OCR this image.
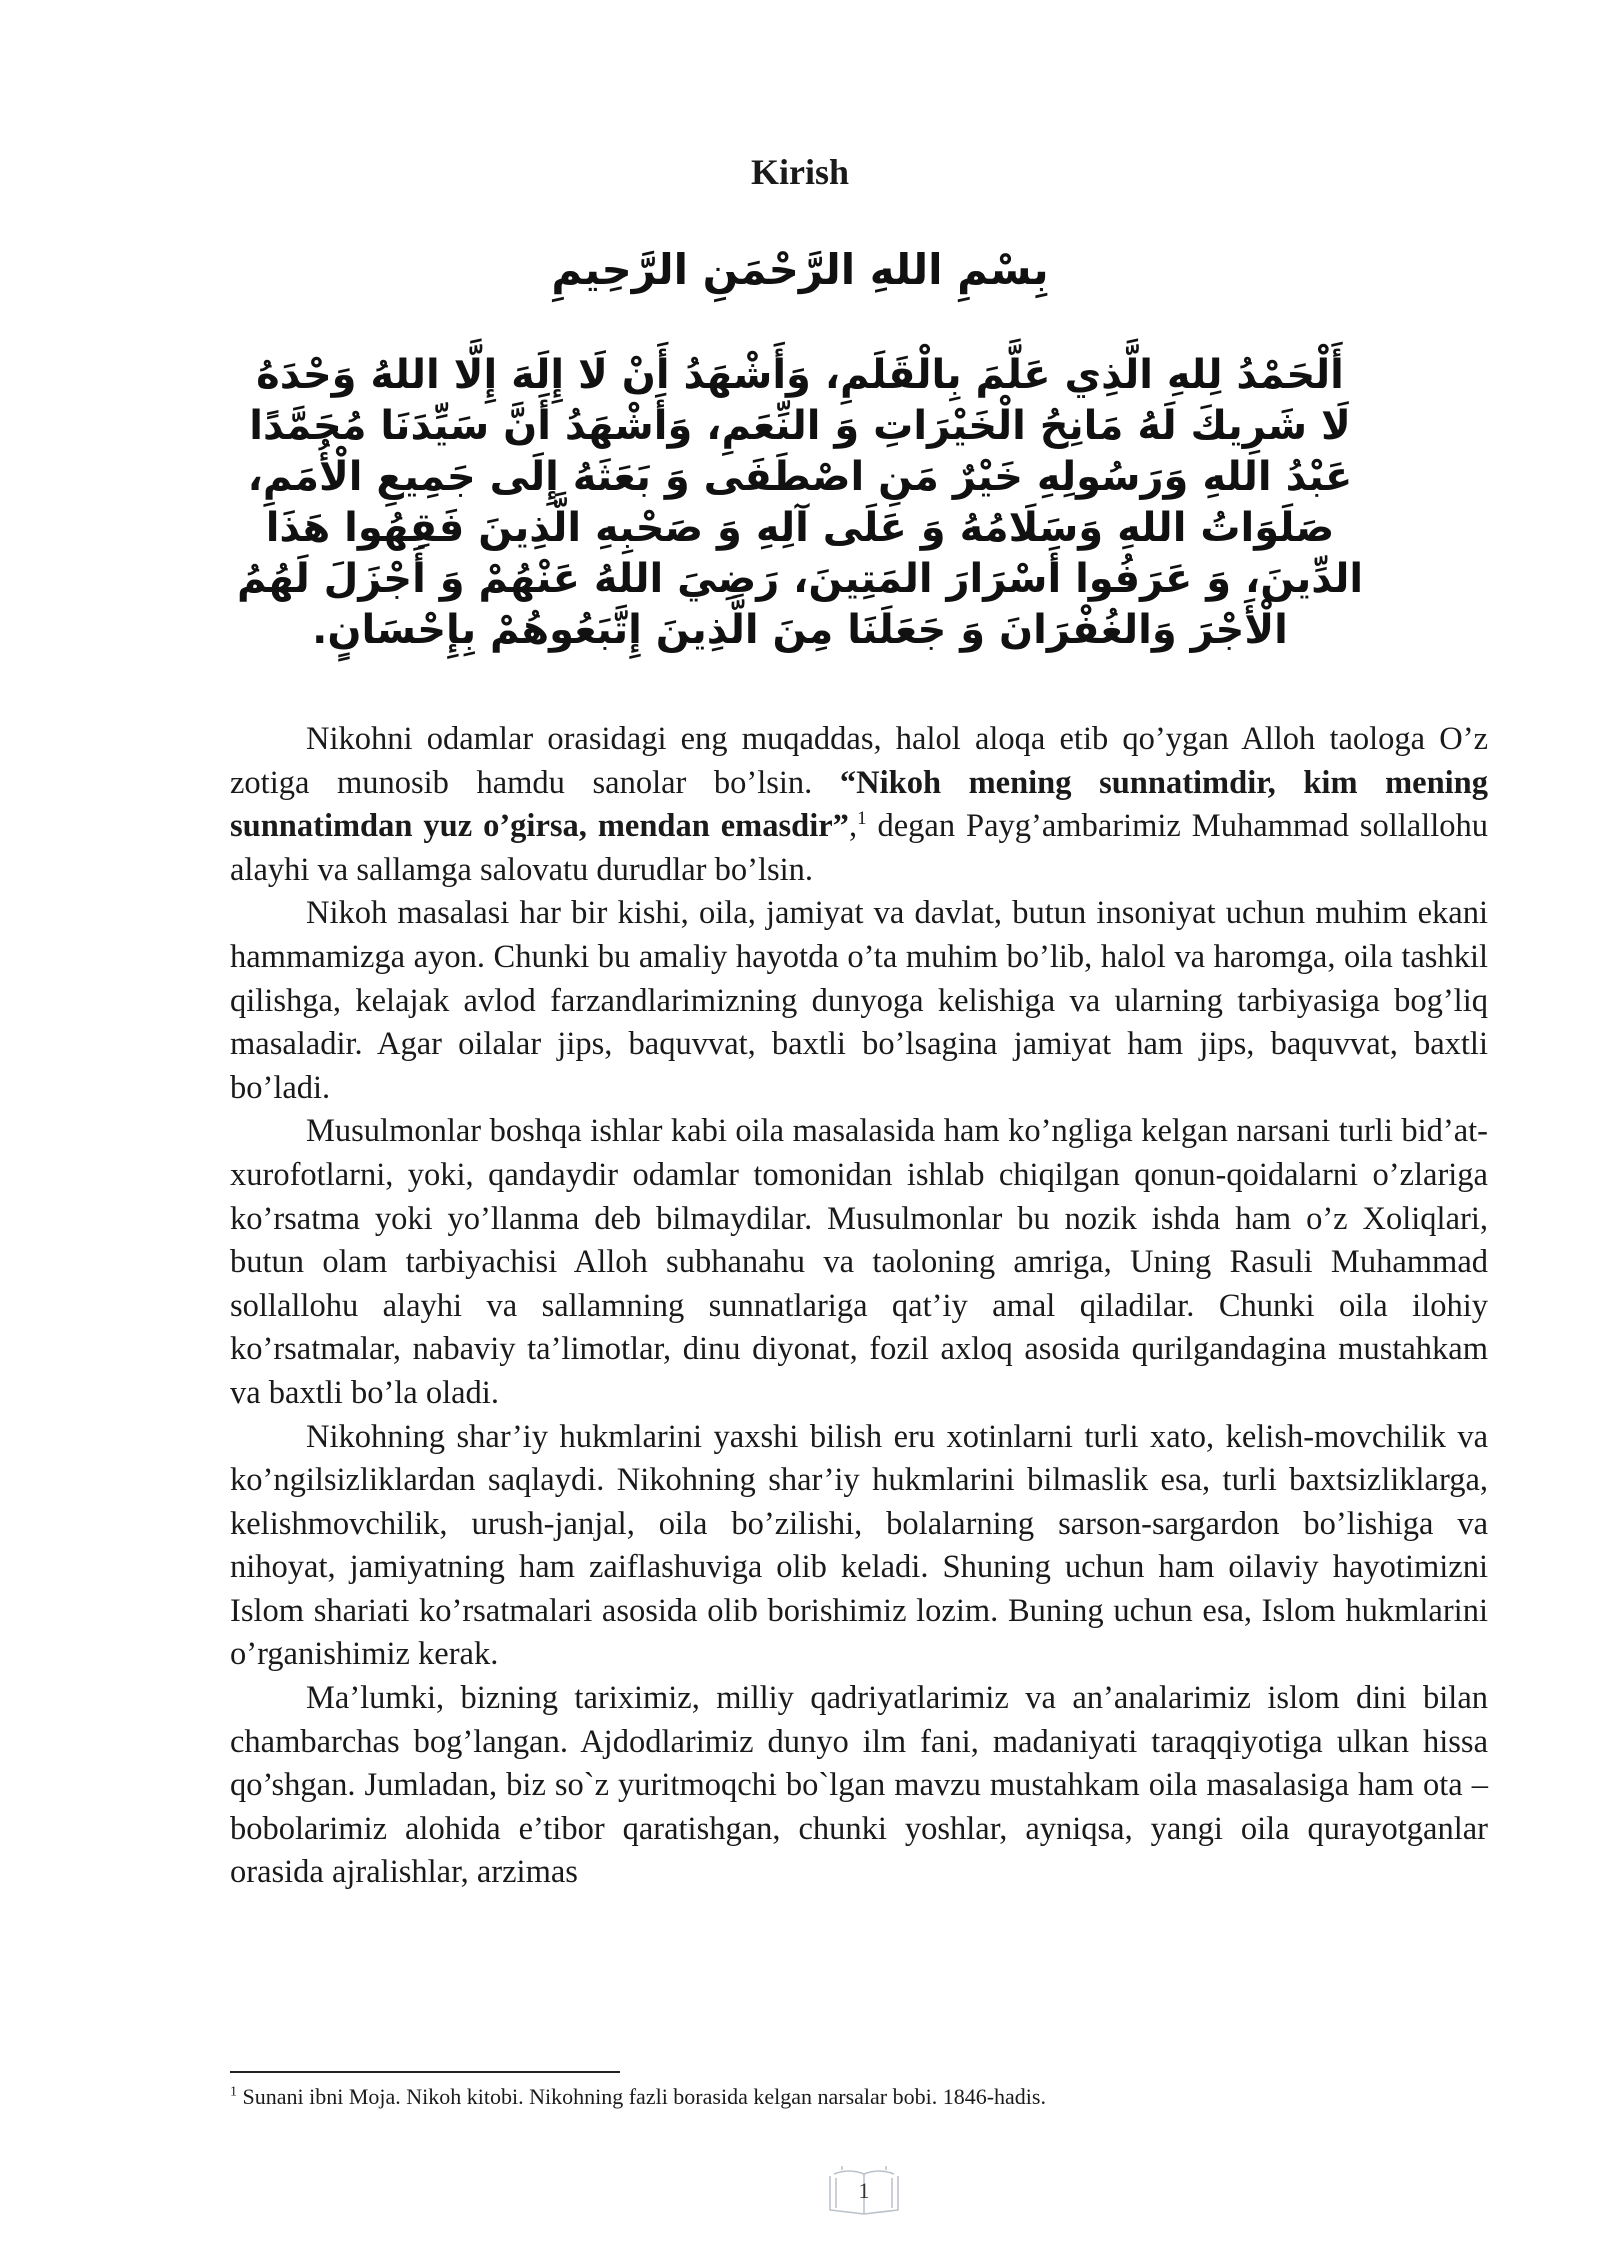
Kirish

بِسْمِ اللهِ الرَّحْمَنِ الرَّحِيمِ

أَلْحَمْدُ لِلهِ الَّذِي عَلَّمَ بِالْقَلَمِ، وَأَشْهَدُ أَنْ لَا إِلَهَ إِلَّا اللهُ وَحْدَهُ
لَا شَرِيكَ لَهُ مَانِحُ الْخَيْرَاتِ وَ النِّعَمِ، وَأَشْهَدُ أَنَّ سَيِّدَنَا مُحَمَّدًا
عَبْدُ اللهِ وَرَسُولِهِ خَيْرٌ مَنِ اصْطَفَى وَ بَعَثَهُ إِلَى جَمِيعِ الْأُمَمِ،
صَلَوَاتُ اللهِ وَسَلَامُهُ وَ عَلَى آلِهِ وَ صَحْبِهِ الَّذِينَ فَقِهُوا هَذَا
الدِّينَ، وَ عَرَفُوا أَسْرَارَ المَتِينَ، رَضِيَ اللهُ عَنْهُمْ وَ أَجْزَلَ لَهُمُ
الْأَجْرَ وَالغُفْرَانَ وَ جَعَلَنَا مِنَ الَّذِينَ إِتَّبَعُوهُمْ بِإِحْسَانٍ.

Nikohni odamlar orasidagi eng muqaddas, halol aloqa etib qo’ygan Alloh taologa O’z zotiga munosib hamdu sanolar bo’lsin. “Nikoh mening sunnatimdir, kim mening sunnatimdan yuz o’girsa, mendan emasdir”,$^1$ degan Payg’ambarimiz Muhammad sollallohu alayhi va sallamga salovatu durudlar bo’lsin.

Nikoh masalasi har bir kishi, oila, jamiyat va davlat, butun insoniyat uchun muhim ekani hammamizga ayon. Chunki bu amaliy hayotda o’ta muhim bo’lib, halol va haromga, oila tashkil qilishga, kelajak avlod farzandlarimizning dunyoga kelishiga va ularning tarbiyasiga bog’liq masaladir. Agar oilalar jips, baquvvat, baxtli bo’lsagina jamiyat ham jips, baquvvat, baxtli bo’ladi.

Musulmonlar boshqa ishlar kabi oila masalasida ham ko’ngliga kelgan narsani turli bid’at-xurofotlarni, yoki, qandaydir odamlar tomonidan ishlab chiqilgan qonun-qoidalarni o’zlariga ko’rsatma yoki yo’llanma deb bilmaydilar. Musulmonlar bu nozik ishda ham o’z Xoliqlari, butun olam tarbiyachisi Alloh subhanahu va taoloning amriga, Uning Rasuli Muhammad sollallohu alayhi va sallamning sunnatlariga qat’iy amal qiladilar. Chunki oila ilohiy ko’rsatmalar, nabaviy ta’limotlar, dinu diyonat, fozil axloq asosida qurilgandagina mustahkam va baxtli bo’la oladi.

Nikohning shar’iy hukmlarini yaxshi bilish eru xotinlarni turli xato, kelish-movchilik va ko’ngilsizliklardan saqlaydi. Nikohning shar’iy hukmlarini bilmaslik esa, turli baxtsizliklarga, kelishmovchilik, urush-janjal, oila bo’zilishi, bolalarning sarson-sargardon bo’lishiga va nihoyat, jamiyatning ham zaiflashuviga olib keladi. Shuning uchun ham oilaviy hayotimizni Islom shariati ko’rsatmalari asosida olib borishimiz lozim. Buning uchun esa, Islom hukmlarini o’rganishimiz kerak.

Ma’lumki, bizning tariximiz, milliy qadriyatlarimiz va an’analarimiz islom dini bilan chambarchas bog’langan. Ajdodlarimiz dunyo ilm fani, madaniyati taraqqiyotiga ulkan hissa qo’shgan. Jumladan, biz so`z yuritmoqchi bo`lgan mavzu mustahkam oila masalasiga ham ota – bobolarimiz alohida e’tibor qaratishgan, chunki yoshlar, ayniqsa, yangi oila qurayotganlar orasida ajralishlar, arzimas

$^1$ Sunani ibni Moja. Nikoh kitobi. Nikohning fazli borasida kelgan narsalar bobi. 1846-hadis.

1
